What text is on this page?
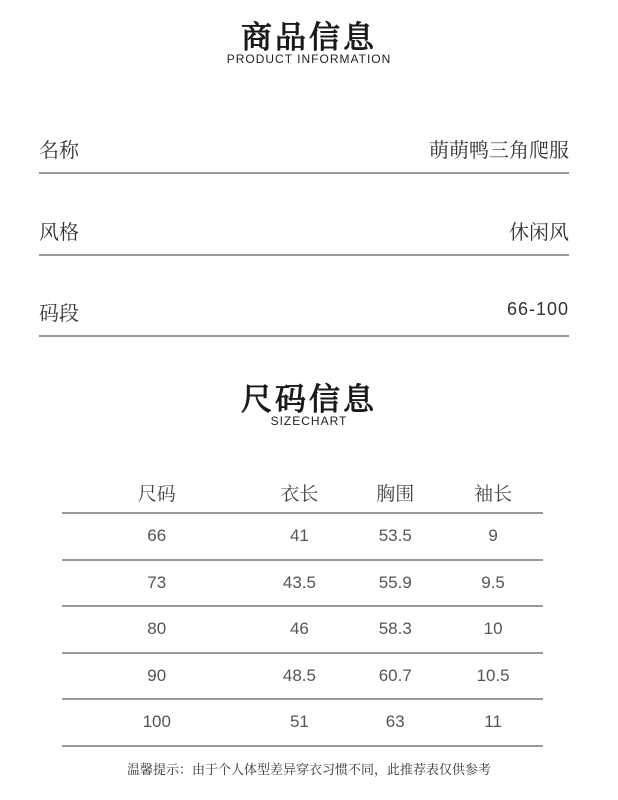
商品信息
PRODUCT INFORMATION
名称	萌萌鸭三角爬服
风格	休闲风
码段	66-100
尺码信息
SIZECHART
尺码	衣长	胸围	袖长
66	41	53.5	9
73	43.5	55.9	9.5
80	46	58.3	10
90	48.5	60.7	10.5
100	51	63	11
温馨提示：由于个人体型差异穿衣习惯不同，此推荐表仅供参考
